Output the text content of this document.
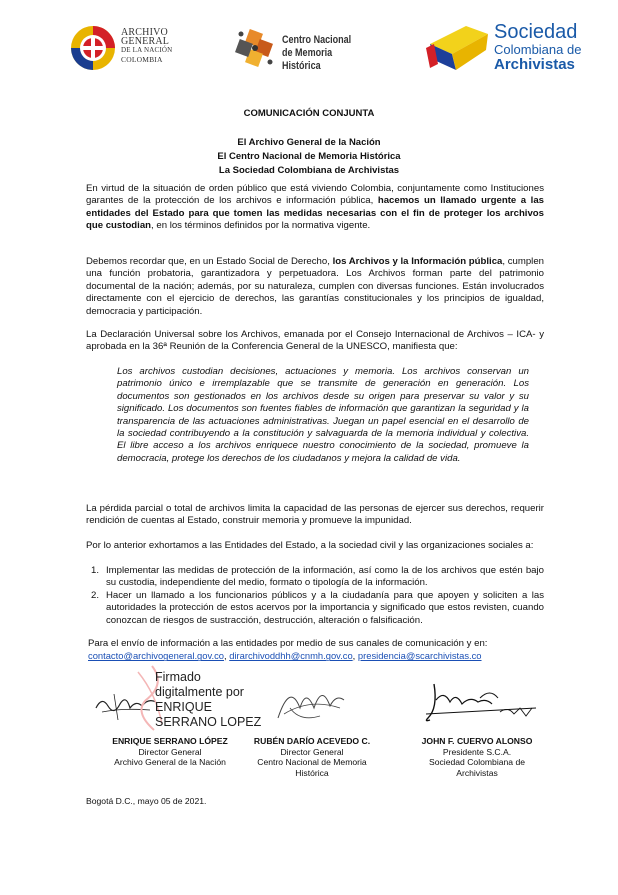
ARCHIVO
GENERAL
DE LA NACIÓN
COLOMBIA
Centro Nacional
de Memoria Histórica
Sociedad
Colombiana de
Archivistas
COMUNICACIÓN CONJUNTA
El Archivo General de la Nación
El Centro Nacional de Memoria Histórica
La Sociedad Colombiana de Archivistas
En virtud de la situación de orden público que está viviendo Colombia, conjuntamente como Instituciones garantes de la protección de los archivos e información pública, hacemos un llamado urgente a las entidades del Estado para que tomen las medidas necesarias con el fin de proteger los archivos que custodian, en los términos definidos por la normativa vigente.
Debemos recordar que, en un Estado Social de Derecho, los Archivos y la Información pública, cumplen una función probatoria, garantizadora y perpetuadora. Los Archivos forman parte del patrimonio documental de la nación; además, por su naturaleza, cumplen con diversas funciones. Están involucrados directamente con el ejercicio de derechos, las garantías constitucionales y los principios de igualdad, democracia y participación.
La Declaración Universal sobre los Archivos, emanada por el Consejo Internacional de Archivos – ICA- y aprobada en la 36ª Reunión de la Conferencia General de la UNESCO, manifiesta que:
Los archivos custodian decisiones, actuaciones y memoria. Los archivos conservan un patrimonio único e irremplazable que se transmite de generación en generación. Los documentos son gestionados en los archivos desde su origen para preservar su valor y su significado. Los documentos son fuentes fiables de información que garantizan la seguridad y la transparencia de las actuaciones administrativas. Juegan un papel esencial en el desarrollo de la sociedad contribuyendo a la constitución y salvaguarda de la memoria individual y colectiva. El libre acceso a los archivos enriquece nuestro conocimiento de la sociedad, promueve la democracia, protege los derechos de los ciudadanos y mejora la calidad de vida.
La pérdida parcial o total de archivos limita la capacidad de las personas de ejercer sus derechos, requerir rendición de cuentas al Estado, construir memoria y promueve la impunidad.
Por lo anterior exhortamos a las Entidades del Estado, a la sociedad civil y las organizaciones sociales a:
1. Implementar las medidas de protección de la información, así como la de los archivos que estén bajo su custodia, independiente del medio, formato o tipología de la información.
2. Hacer un llamado a los funcionarios públicos y a la ciudadanía para que apoyen y soliciten a las autoridades la protección de estos acervos por la importancia y significado que estos revisten, cuando conozcan de riesgos de sustracción, destrucción, alteración o falsificación.
Para el envío de información a las entidades por medio de sus canales de comunicación y en:
contacto@archivogeneral.gov.co, dirarchivoddhh@cnmh.gov.co, presidencia@scarchivistas.co
Firmado
digitalmente por
ENRIQUE
SERRANO LOPEZ
ENRIQUE SERRANO LÓPEZ
Director General
Archivo General de la Nación
RUBÉN DARÍO ACEVEDO C.
Director General
Centro Nacional de Memoria Histórica
JOHN F. CUERVO ALONSO
Presidente S.C.A.
Sociedad Colombiana de Archivistas
Bogotá D.C., mayo 05 de 2021.
